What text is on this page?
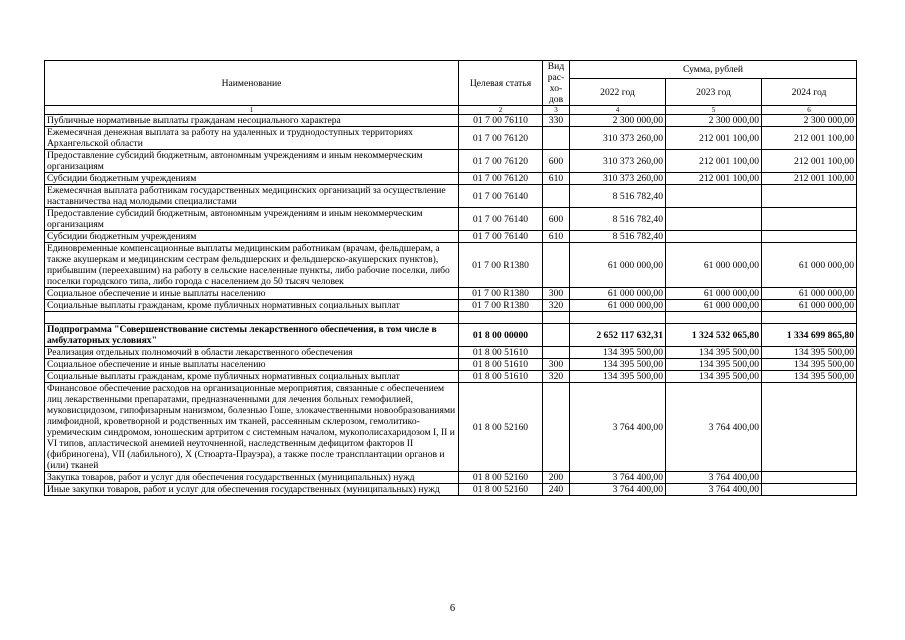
Наименование	Целевая статья	Вид рас-хо-дов	Сумма, рублей		
			2022 год	2023 год	2024 год
1	2	3	4	5	6
Публичные нормативные выплаты гражданам несоциального характера	01 7 00 76110	330	2 300 000,00	2 300 000,00	2 300 000,00
Ежемесячная денежная выплата за работу на удаленных и труднодоступных территориях Архангельской области	01 7 00 76120		310 373 260,00	212 001 100,00	212 001 100,00
Предоставление субсидий бюджетным, автономным учреждениям и иным некоммерческим организациям	01 7 00 76120	600	310 373 260,00	212 001 100,00	212 001 100,00
Субсидии бюджетным учреждениям	01 7 00 76120	610	310 373 260,00	212 001 100,00	212 001 100,00
Ежемесячная выплата работникам государственных медицинских организаций за осуществление наставничества над молодыми специалистами	01 7 00 76140		8 516 782,40		
Предоставление субсидий бюджетным, автономным учреждениям и иным некоммерческим организациям	01 7 00 76140	600	8 516 782,40		
Субсидии бюджетным учреждениям	01 7 00 76140	610	8 516 782,40		
Единовременные компенсационные выплаты медицинским работникам (врачам, фельдшерам, а также акушеркам и медицинским сестрам фельдшерских и фельдшерско-акушерских пунктов), прибывшим (переехавшим) на работу в сельские населенные пункты, либо рабочие поселки, либо поселки городского типа, либо города с населением до 50 тысяч человек	01 7 00 R1380		61 000 000,00	61 000 000,00	61 000 000,00
Социальное обеспечение и иные выплаты населению	01 7 00 R1380	300	61 000 000,00	61 000 000,00	61 000 000,00
Социальные выплаты гражданам, кроме публичных нормативных социальных выплат	01 7 00 R1380	320	61 000 000,00	61 000 000,00	61 000 000,00

Подпрограмма "Совершенствование системы лекарственного обеспечения, в том числе в амбулаторных условиях"	01 8 00 00000		2 652 117 632,31	1 324 532 065,80	1 334 699 865,80
Реализация отдельных полномочий в области лекарственного обеспечения	01 8 00 51610		134 395 500,00	134 395 500,00	134 395 500,00
Социальное обеспечение и иные выплаты населению	01 8 00 51610	300	134 395 500,00	134 395 500,00	134 395 500,00
Социальные выплаты гражданам, кроме публичных нормативных социальных выплат	01 8 00 51610	320	134 395 500,00	134 395 500,00	134 395 500,00
Финансовое обеспечение расходов на организационные мероприятия, связанные с обеспечением лиц лекарственными препаратами, предназначенными для лечения больных гемофилией, муковисцидозом, гипофизарным нанизмом, болезнью Гоше, злокачественными новообразованиями лимфоидной, кроветворной и родственных им тканей, рассеянным склерозом, гемолитико-уремическим синдромом, юношеским артритом с системным началом, мукополисахаридозом I, II и VI типов, апластической анемией неуточненной, наследственным дефицитом факторов II (фибриногена), VII (лабильного), X (Стюарта-Прауэра), а также после трансплантации органов и (или) тканей	01 8 00 52160		3 764 400,00	3 764 400,00	
Закупка товаров, работ и услуг для обеспечения государственных (муниципальных) нужд	01 8 00 52160	200	3 764 400,00	3 764 400,00	
Иные закупки товаров, работ и услуг для обеспечения государственных (муниципальных) нужд	01 8 00 52160	240	3 764 400,00	3 764 400,00	
6
